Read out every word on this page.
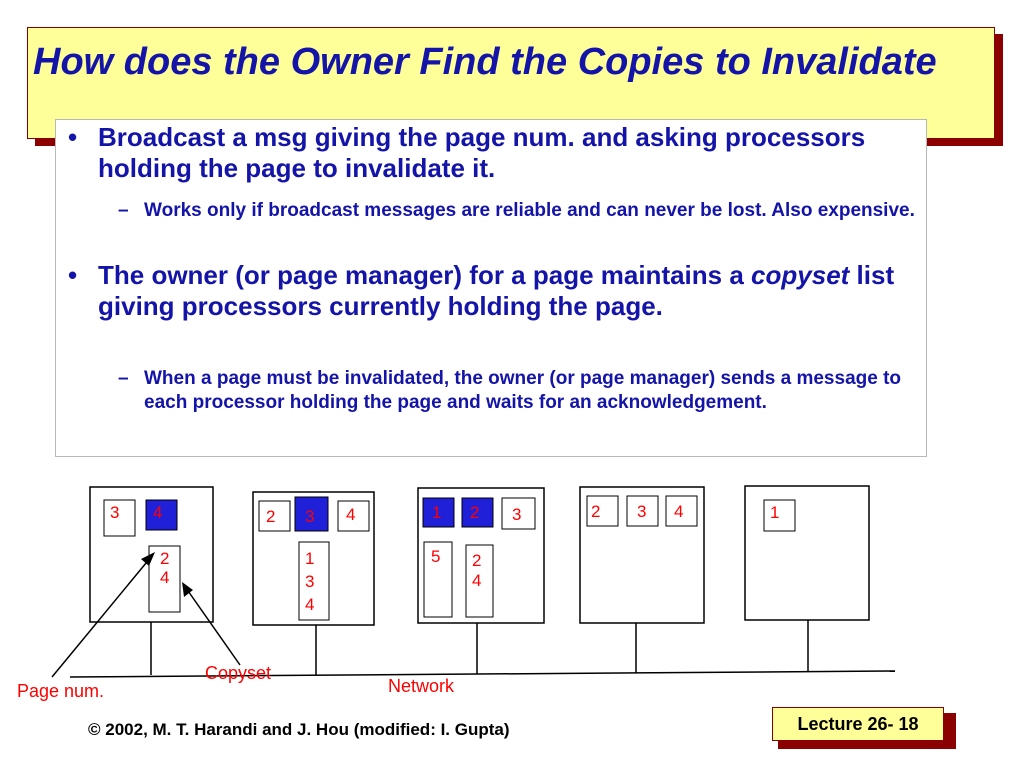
How does the Owner Find the Copies to Invalidate
• Broadcast a msg giving the page num. and asking processors holding the page to invalidate it.
– Works only if broadcast messages are reliable and can never be lost. Also expensive.
• The owner (or page manager) for a page maintains a copyset list giving processors currently holding the page.
– When a page must be invalidated, the owner (or page manager) sends a message to each processor holding the page and waits for an acknowledgement.
3 4
2
4
2 3 4
1
3
4
1 2 3
5 2
4
2 3 4	1
Copyset
Page num.	Network
© 2002, M. T. Harandi and J. Hou (modified: I. Gupta)	Lecture 26- 18
